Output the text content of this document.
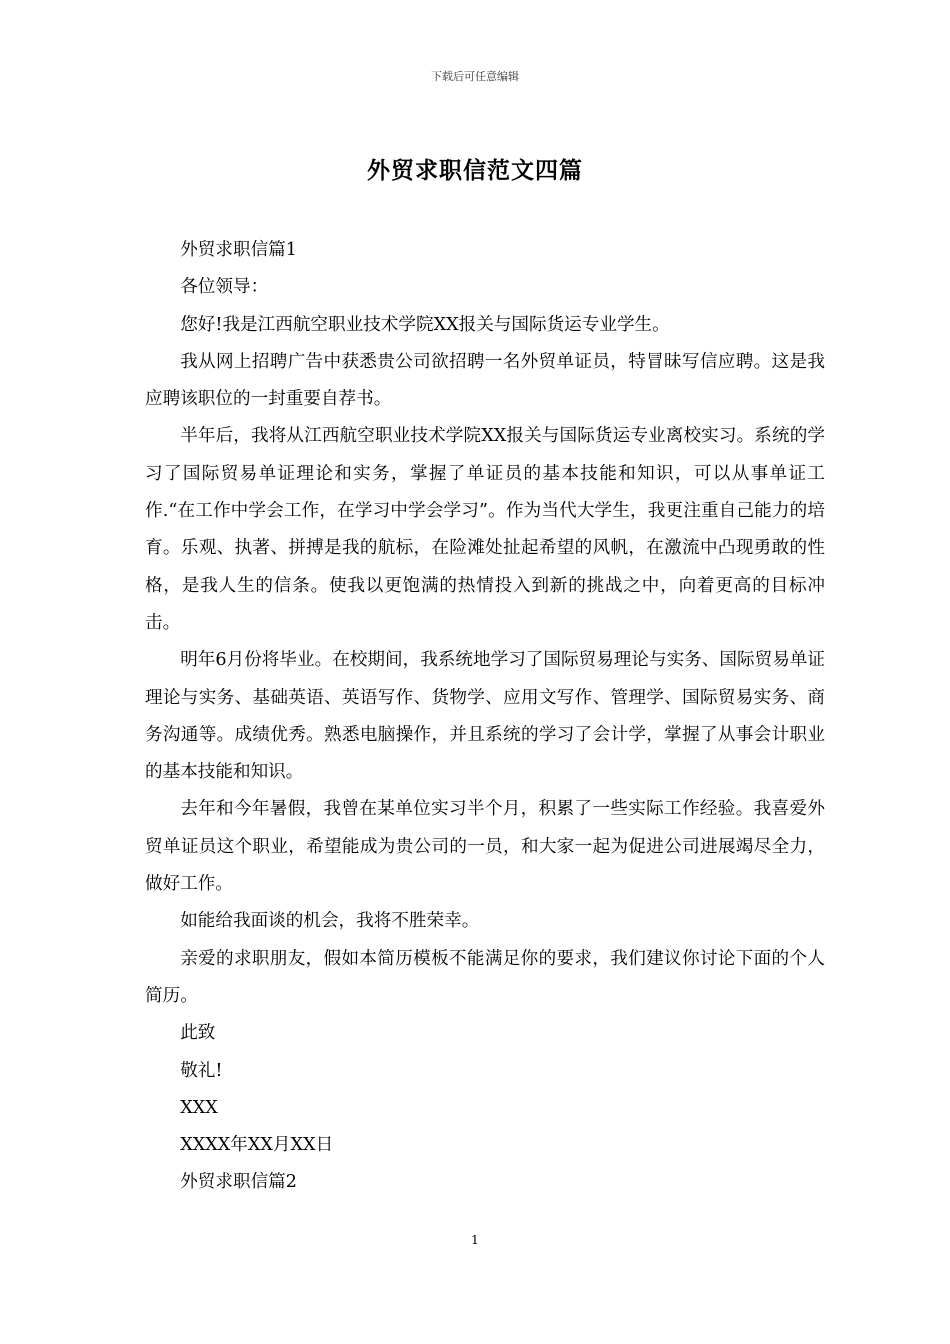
下载后可任意编辑
外贸求职信范文四篇

外贸求职信篇1

各位领导：

您好!我是江西航空职业技术学院XX报关与国际货运专业学生。

我从网上招聘广告中获悉贵公司欲招聘一名外贸单证员，特冒昧写信应聘。这是我应聘该职位的一封重要自荐书。

半年后，我将从江西航空职业技术学院XX报关与国际货运专业离校实习。系统的学习了国际贸易单证理论和实务，掌握了单证员的基本技能和知识，可以从事单证工作.“在工作中学会工作，在学习中学会学习”。作为当代大学生，我更注重自己能力的培育。乐观、执著、拼搏是我的航标，在险滩处扯起希望的风帆，在激流中凸现勇敢的性格，是我人生的信条。使我以更饱满的热情投入到新的挑战之中，向着更高的目标冲击。

明年6月份将毕业。在校期间，我系统地学习了国际贸易理论与实务、国际贸易单证理论与实务、基础英语、英语写作、货物学、应用文写作、管理学、国际贸易实务、商务沟通等。成绩优秀。熟悉电脑操作，并且系统的学习了会计学，掌握了从事会计职业的基本技能和知识。

去年和今年暑假，我曾在某单位实习半个月，积累了一些实际工作经验。我喜爱外贸单证员这个职业，希望能成为贵公司的一员，和大家一起为促进公司进展竭尽全力，做好工作。

如能给我面谈的机会，我将不胜荣幸。

亲爱的求职朋友，假如本简历模板不能满足你的要求，我们建议你讨论下面的个人简历。

此致

敬礼!

XXX

XXXX年XX月XX日

外贸求职信篇2

1
